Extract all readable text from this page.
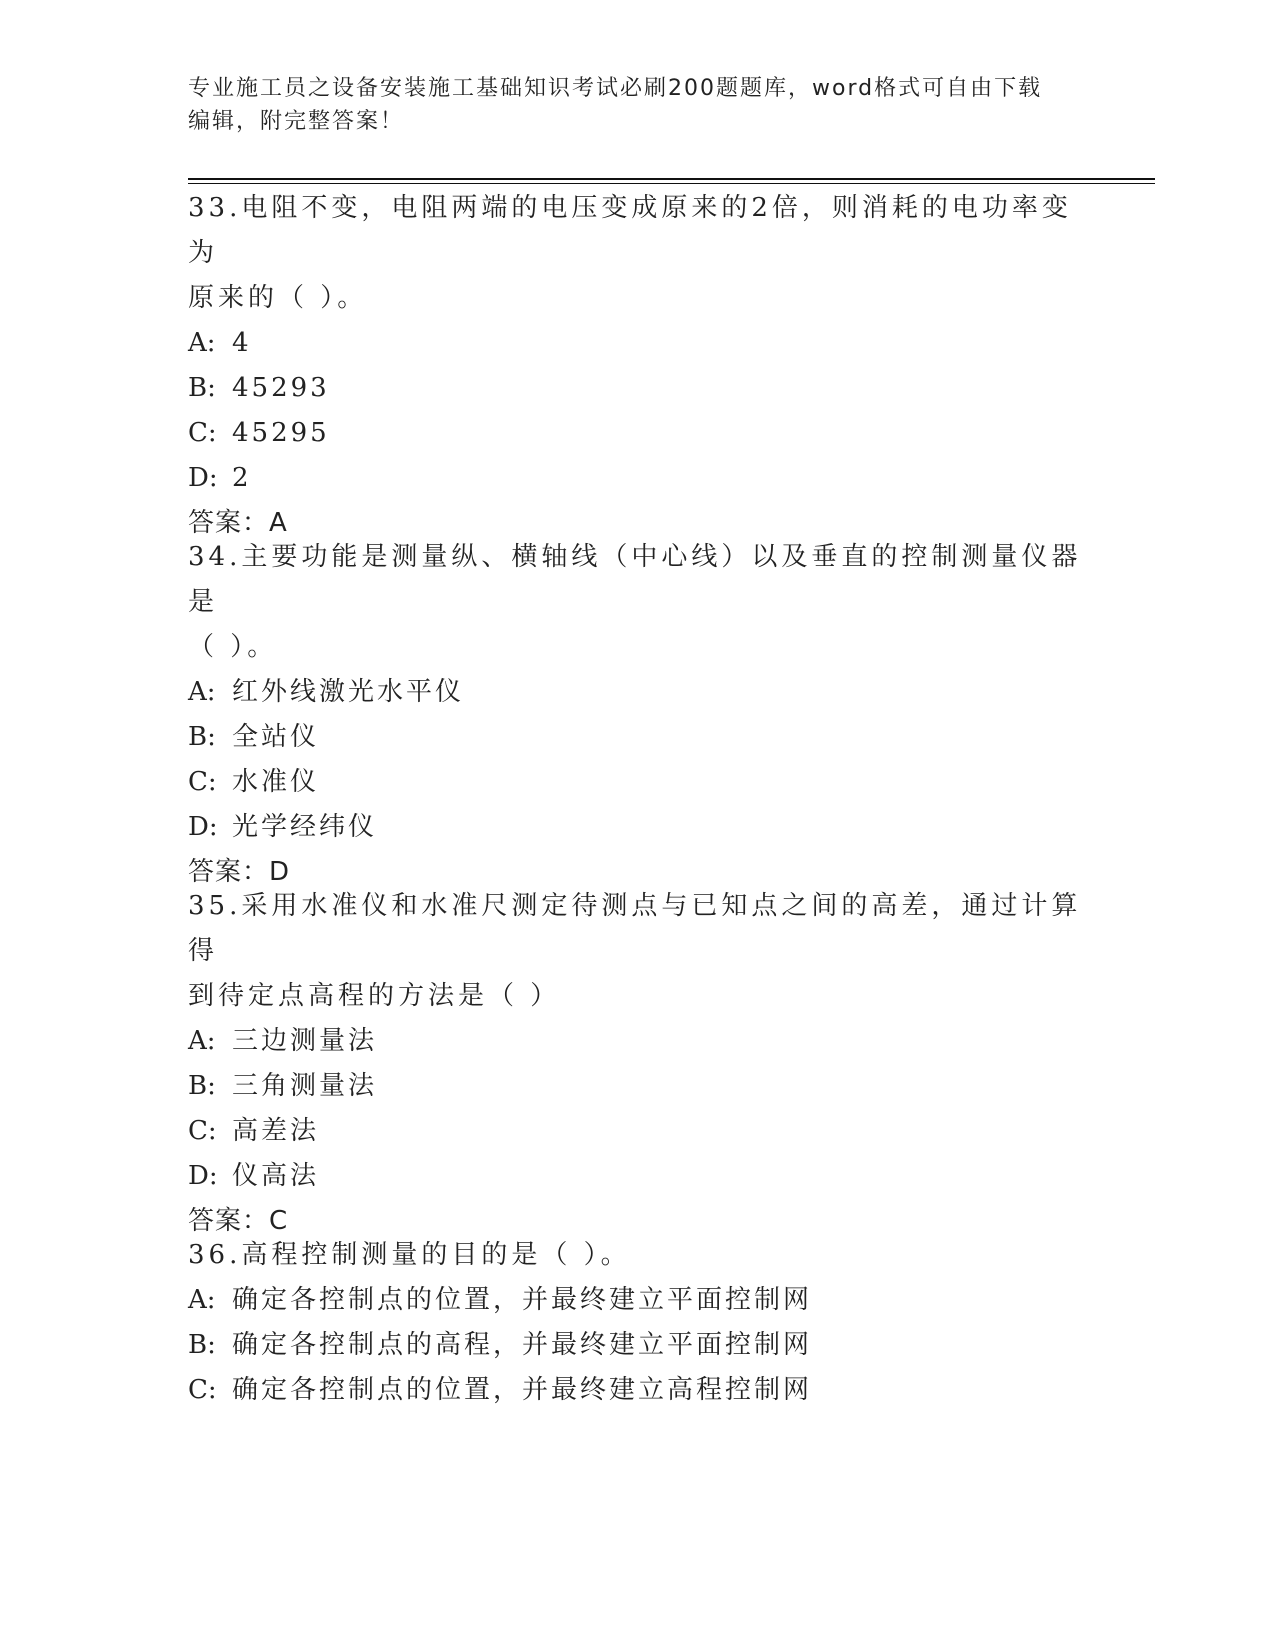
专业施工员之设备安装施工基础知识考试必刷200题题库，word格式可自由下载
编辑，附完整答案！

33.电阻不变，电阻两端的电压变成原来的2倍，则消耗的电功率变为

原来的（ ）。

A: 4

B: 45293

C: 45295

D: 2

答案：A

34.主要功能是测量纵、横轴线（中心线）以及垂直的控制测量仪器是

（ ）。

A: 红外线激光水平仪

B: 全站仪

C: 水准仪

D: 光学经纬仪

答案：D

35.采用水准仪和水准尺测定待测点与已知点之间的高差，通过计算得

到待定点高程的方法是（ ）

A: 三边测量法

B: 三角测量法

C: 高差法

D: 仪高法

答案：C

36.高程控制测量的目的是（ ）。

A: 确定各控制点的位置，并最终建立平面控制网

B: 确定各控制点的高程，并最终建立平面控制网

C: 确定各控制点的位置，并最终建立高程控制网
